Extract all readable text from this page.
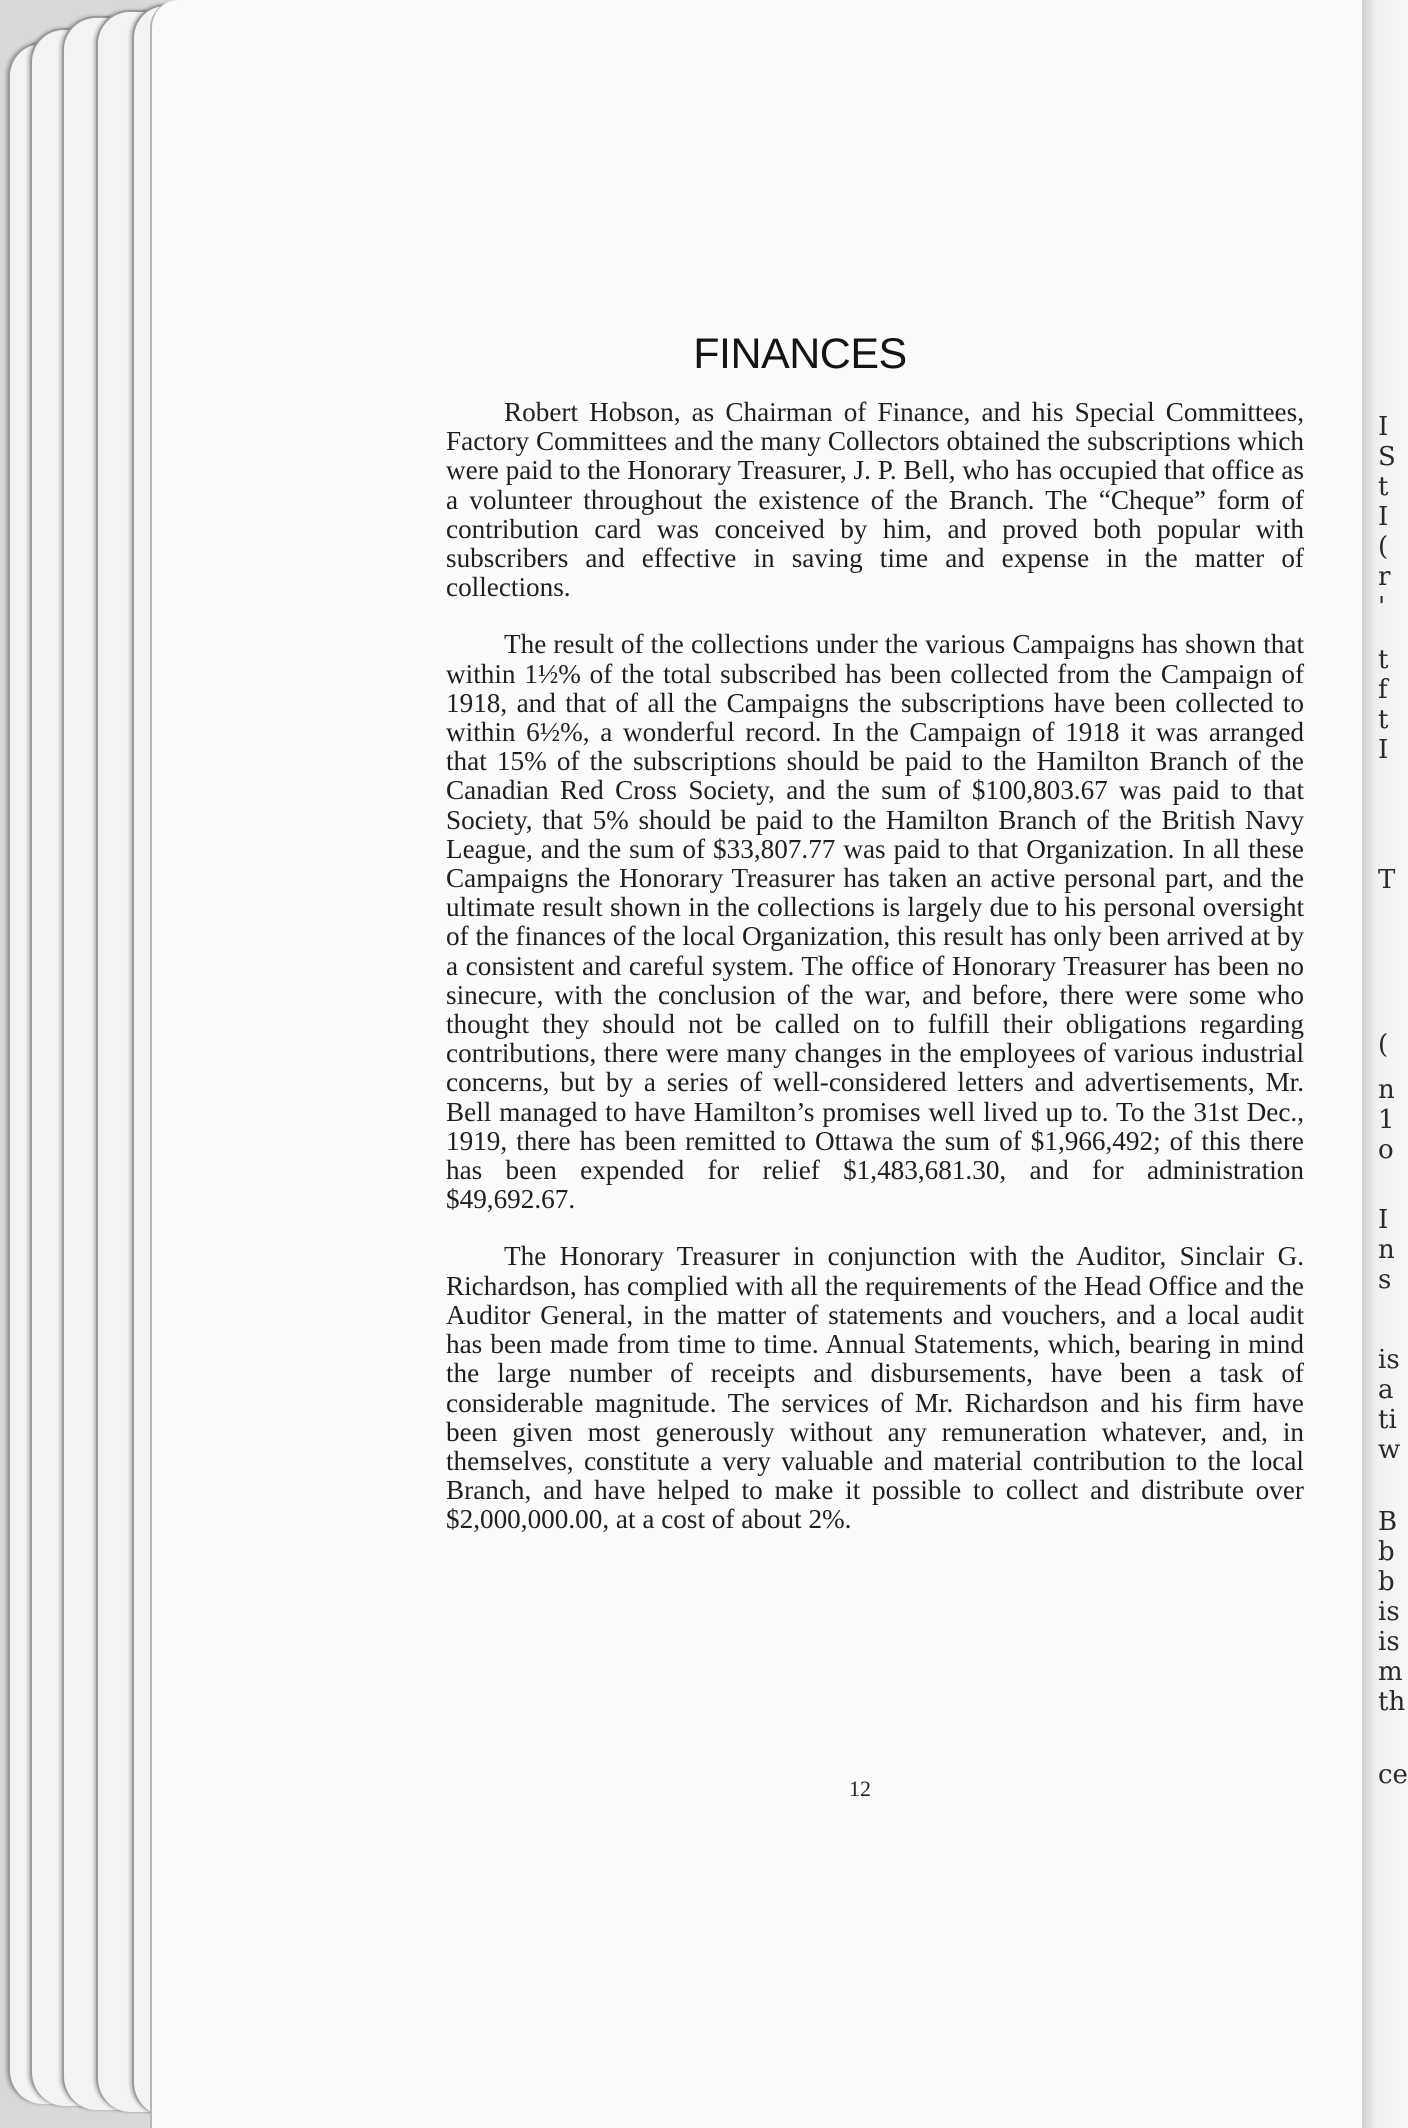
FINANCES

Robert Hobson, as Chairman of Finance, and his Special Committees, Factory Committees and the many Collectors obtained the subscriptions which were paid to the Honorary Treasurer, J. P. Bell, who has occupied that office as a volunteer throughout the existence of the Branch. The “Cheque” form of contribution card was conceived by him, and proved both popular with subscribers and effective in saving time and expense in the matter of collections.

The result of the collections under the various Campaigns has shown that within 1½% of the total subscribed has been collected from the Campaign of 1918, and that of all the Campaigns the subscriptions have been collected to within 6½%, a wonderful record. In the Campaign of 1918 it was arranged that 15% of the subscriptions should be paid to the Hamilton Branch of the Canadian Red Cross Society, and the sum of $100,803.67 was paid to that Society, that 5% should be paid to the Hamilton Branch of the British Navy League, and the sum of $33,807.77 was paid to that Organization. In all these Campaigns the Honorary Treasurer has taken an active personal part, and the ultimate result shown in the collections is largely due to his personal oversight of the finances of the local Organization, this result has only been arrived at by a consistent and careful system. The office of Honorary Treasurer has been no sinecure, with the conclusion of the war, and before, there were some who thought they should not be called on to fulfill their obligations regarding contributions, there were many changes in the employees of various industrial concerns, but by a series of well-considered letters and advertisements, Mr. Bell managed to have Hamilton’s promises well lived up to. To the 31st Dec., 1919, there has been remitted to Ottawa the sum of $1,966,492; of this there has been expended for relief $1,483,681.30, and for administration $49,692.67.

The Honorary Treasurer in conjunction with the Auditor, Sinclair G. Richardson, has complied with all the requirements of the Head Office and the Auditor General, in the matter of statements and vouchers, and a local audit has been made from time to time. Annual Statements, which, bearing in mind the large number of receipts and disbursements, have been a task of considerable magnitude. The services of Mr. Richardson and his firm have been given most generously without any remuneration whatever, and, in themselves, constitute a very valuable and material contribution to the local Branch, and have helped to make it possible to collect and distribute over $2,000,000.00, at a cost of about 2%.

12
I
S
t
I
(
r
'
t
f
t
I
T
(
n
1
o
I
n
s
is
a
ti
w
B
b
b
is
is
m
th
ce
